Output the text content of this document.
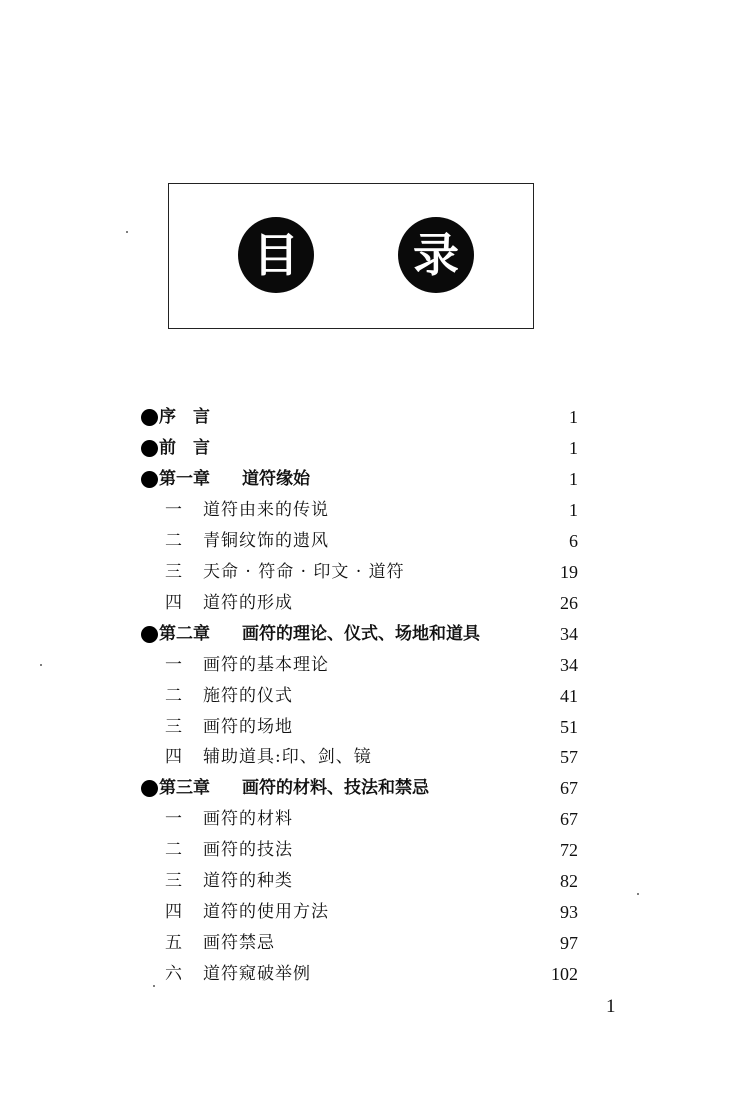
目	录
序　言	1
前　言	1
第一章 道符缘始	1
一 道符由来的传说	1
二 青铜纹饰的遗风	6
三 天命 · 符命 · 印文 · 道符	19
四 道符的形成	26
第二章 画符的理论、仪式、场地和道具	34
一 画符的基本理论	34
二 施符的仪式	41
三 画符的场地	51
四 辅助道具:印、剑、镜	57
第三章 画符的材料、技法和禁忌	67
一 画符的材料	67
二 画符的技法	72
三 道符的种类	82
四 道符的使用方法	93
五 画符禁忌	97
六 道符窥破举例	102
1
